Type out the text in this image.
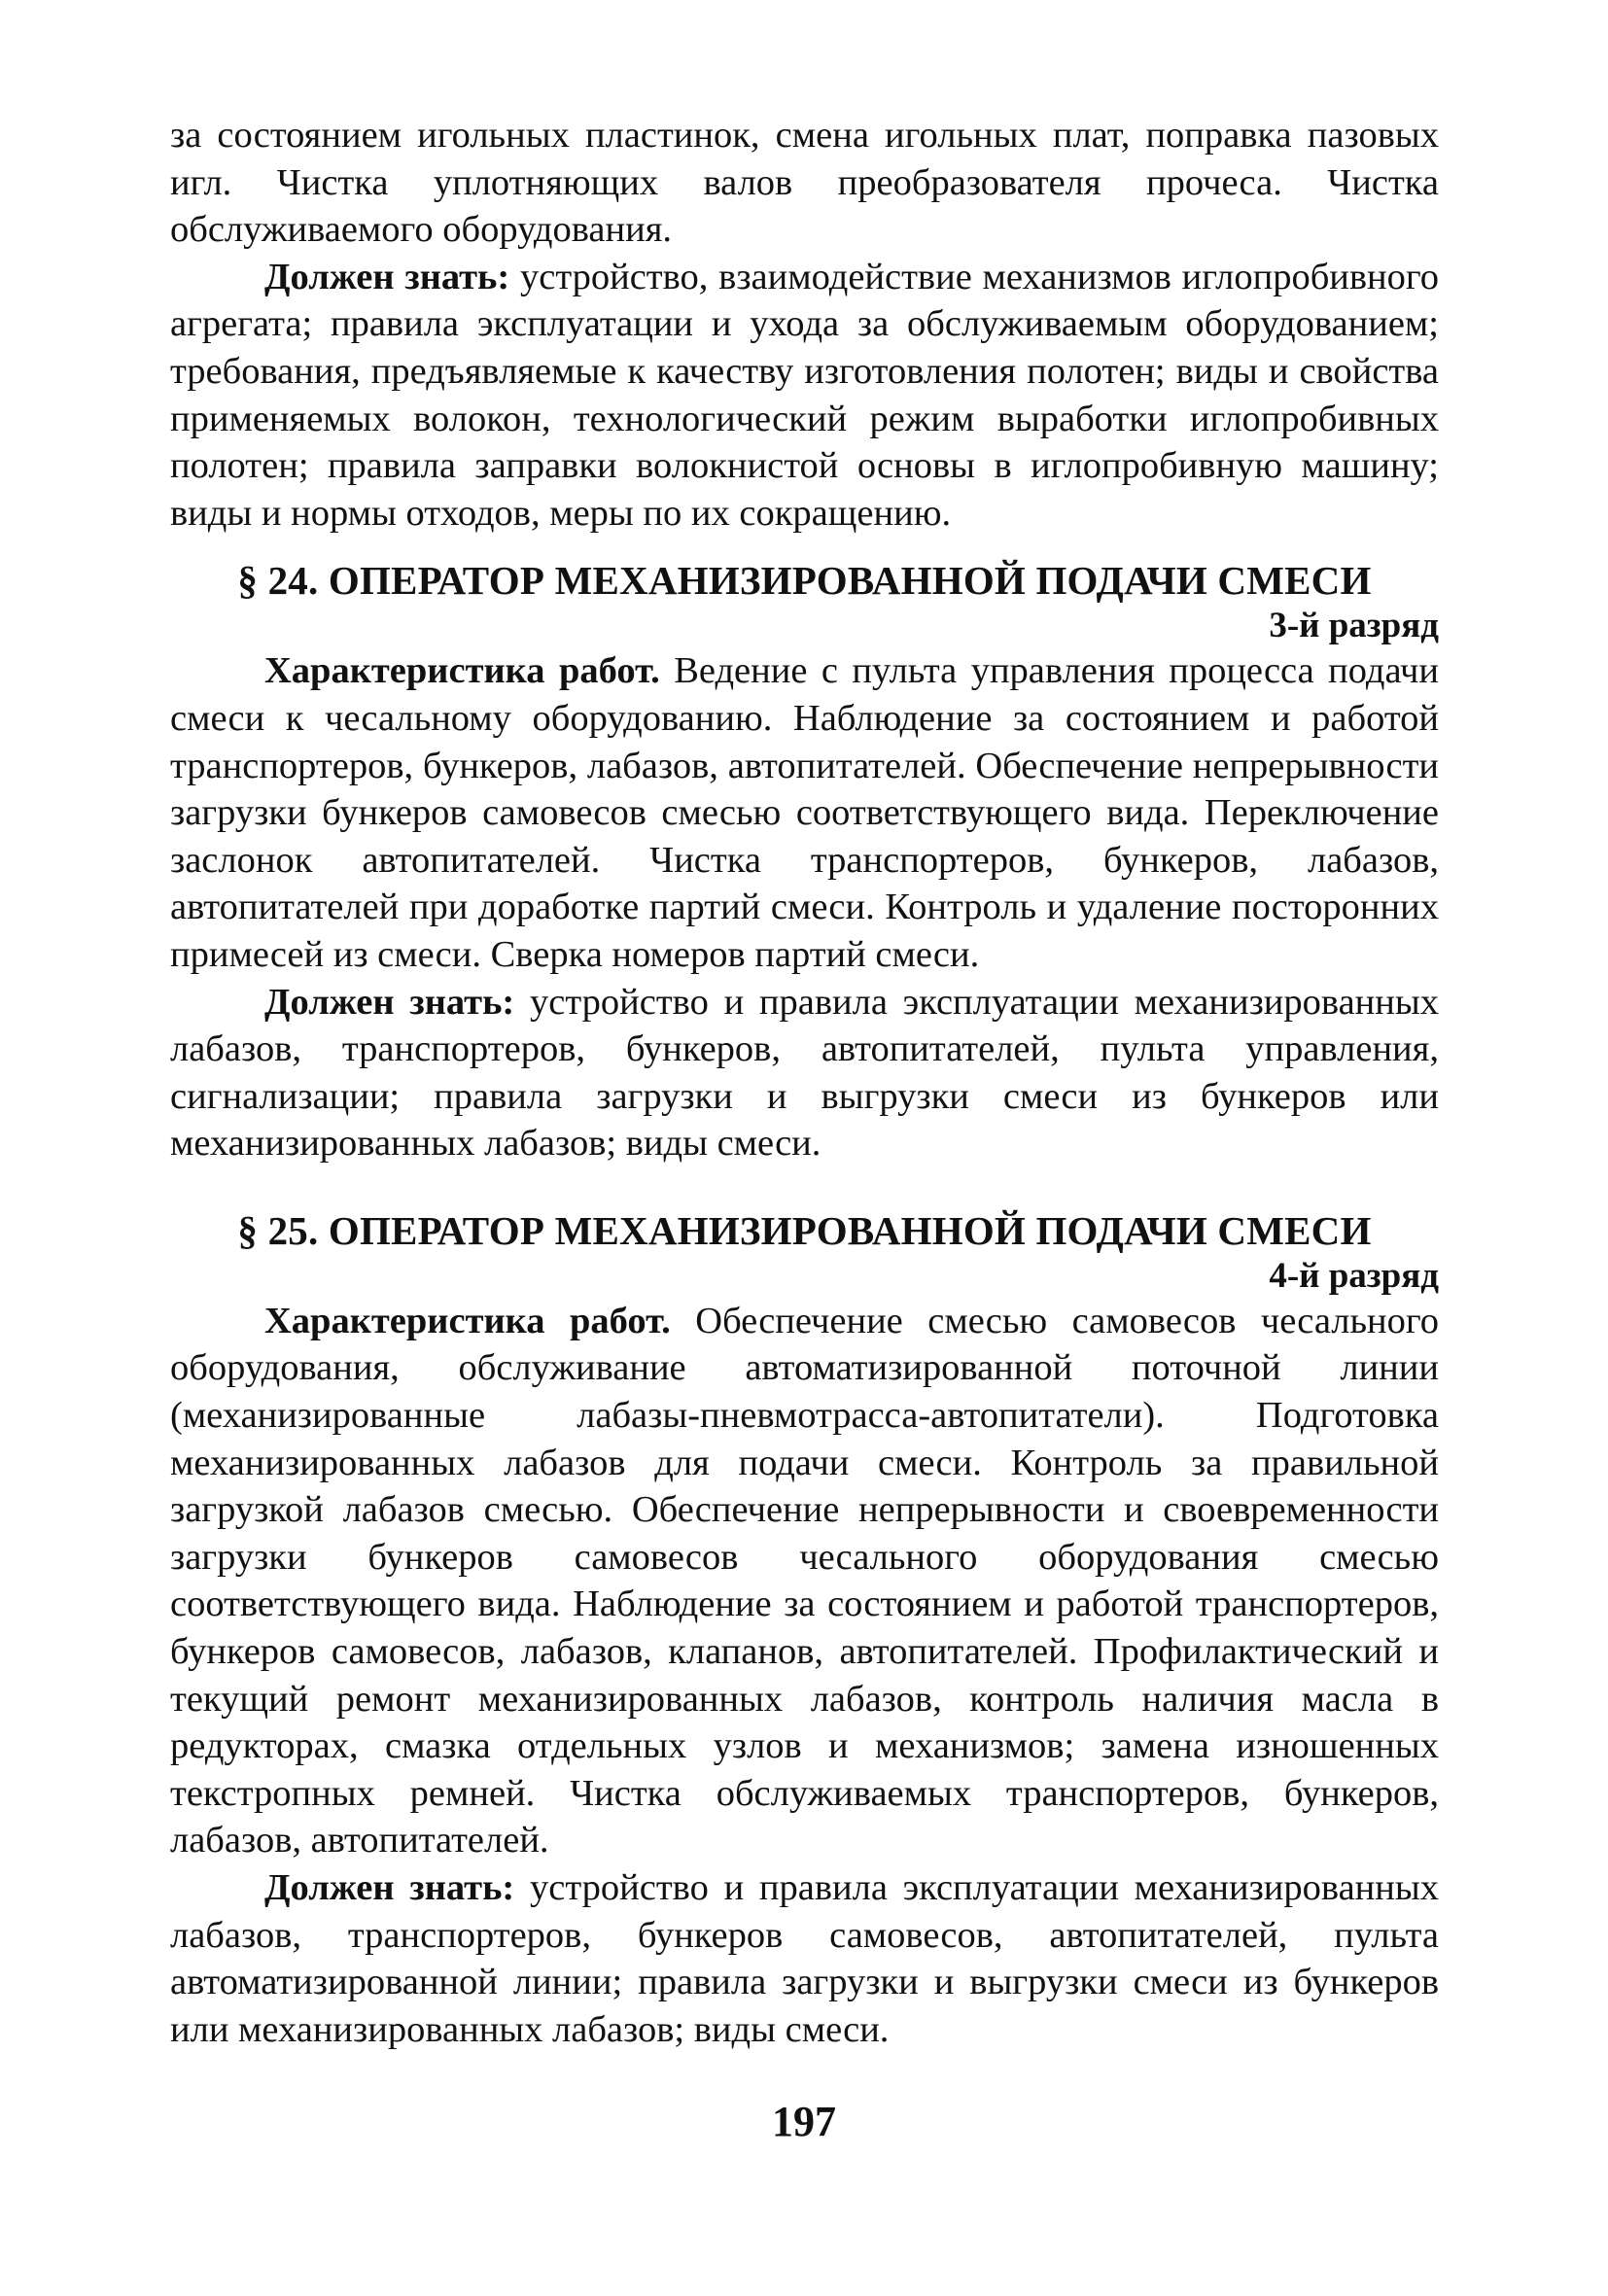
за состоянием игольных пластинок, смена игольных плат, поправка пазовых игл. Чистка уплотняющих валов преобразователя прочеса. Чистка обслуживаемого оборудования.

Должен знать: устройство, взаимодействие механизмов иглопробивного агрегата; правила эксплуатации и ухода за обслуживаемым оборудованием; требования, предъявляемые к качеству изготовления полотен; виды и свойства применяемых волокон, технологический режим выработки иглопробивных полотен; правила заправки волокнистой основы в иглопробивную машину; виды и нормы отходов, меры по их сокращению.

§ 24. ОПЕРАТОР МЕХАНИЗИРОВАННОЙ ПОДАЧИ СМЕСИ
3-й разряд

Характеристика работ. Ведение с пульта управления процесса подачи смеси к чесальному оборудованию. Наблюдение за состоянием и работой транспортеров, бункеров, лабазов, автопитателей. Обеспечение непрерывности загрузки бункеров самовесов смесью соответствующего вида. Переключение заслонок автопитателей. Чистка транспортеров, бункеров, лабазов, автопитателей при доработке партий смеси. Контроль и удаление посторонних примесей из смеси. Сверка номеров партий смеси.

Должен знать: устройство и правила эксплуатации механизированных лабазов, транспортеров, бункеров, автопитателей, пульта управления, сигнализации; правила загрузки и выгрузки смеси из бункеров или механизированных лабазов; виды смеси.

§ 25. ОПЕРАТОР МЕХАНИЗИРОВАННОЙ ПОДАЧИ СМЕСИ
4-й разряд

Характеристика работ. Обеспечение смесью самовесов чесального оборудования, обслуживание автоматизированной поточной линии (механизированные лабазы-пневмотрасса-автопитатели). Подготовка механизированных лабазов для подачи смеси. Контроль за правильной загрузкой лабазов смесью. Обеспечение непрерывности и своевременности загрузки бункеров самовесов чесального оборудования смесью соответствующего вида. Наблюдение за состоянием и работой транспортеров, бункеров самовесов, лабазов, клапанов, автопитателей. Профилактический и текущий ремонт механизированных лабазов, контроль наличия масла в редукторах, смазка отдельных узлов и механизмов; замена изношенных текстропных ремней. Чистка обслуживаемых транспортеров, бункеров, лабазов, автопитателей.

Должен знать: устройство и правила эксплуатации механизированных лабазов, транспортеров, бункеров самовесов, автопитателей, пульта автоматизированной линии; правила загрузки и выгрузки смеси из бункеров или механизированных лабазов; виды смеси.

197
